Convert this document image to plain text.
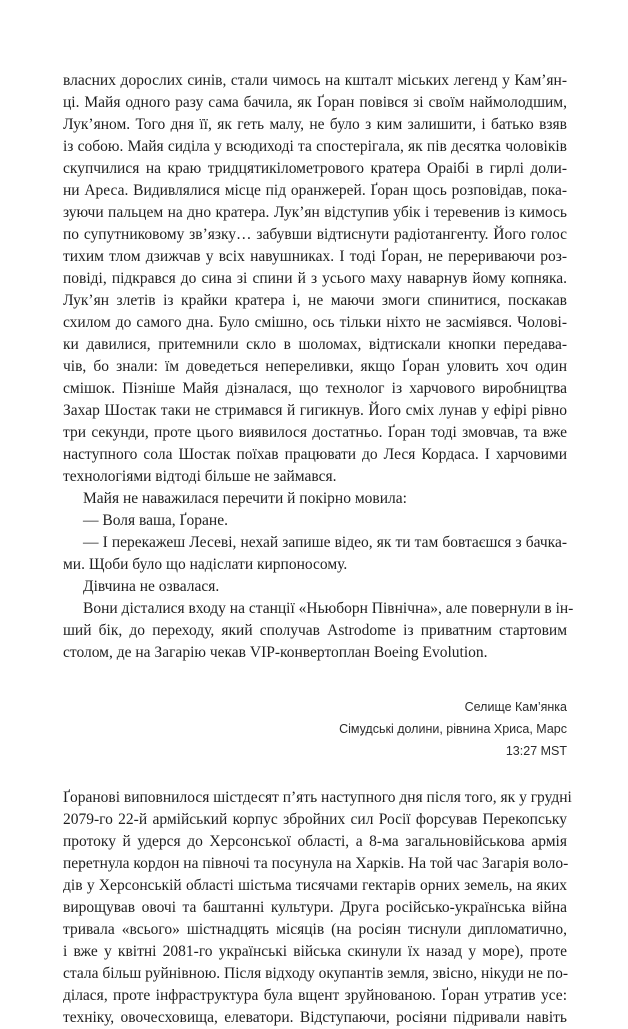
власних дорослих синів, стали чимось на кшталт міських легенд у Кам’ян-
ці. Майя одного разу сама бачила, як Ґоран повівся зі своїм наймолодшим,
Лук’яном. Того дня її, як геть малу, не було з ким залишити, і батько взяв
із собою. Майя сиділа у всюдиході та спостерігала, як пів десятка чоловіків
скупчилися на краю тридцятикілометрового кратера Ораібі в гирлі доли-
ни Ареса. Видивлялися місце під оранжерей. Ґоран щось розповідав, пока-
зуючи пальцем на дно кратера. Лук’ян відступив убік і теревенив із кимось
по супутниковому зв’язку… забувши відтиснути радіотангенту. Його голос
тихим тлом дзижчав у всіх навушниках. І тоді Ґоран, не перериваючи роз-
повіді, підкрався до сина зі спини й з усього маху наварнув йому копняка.
Лук’ян злетів із крайки кратера і, не маючи змоги спинитися, поскакав
схилом до самого дна. Було смішно, ось тільки ніхто не засміявся. Чолові-
ки давилися, притемнили скло в шоломах, відтискали кнопки передава-
чів, бо знали: їм доведеться непереливки, якщо Ґоран уловить хоч один
смішок. Пізніше Майя дізналася, що технолог із харчового виробництва
Захар Шостак таки не стримався й гигикнув. Його сміх лунав у ефірі рівно
три секунди, проте цього виявилося достатньо. Ґоран тоді змовчав, та вже
наступного сола Шостак поїхав працювати до Леся Кордаса. І харчовими
технологіями відтоді більше не займався.
Майя не наважилася перечити й покірно мовила:
— Воля ваша, Ґоране.
— І перекажеш Лесеві, нехай запише відео, як ти там бовтаєшся з бачка-
ми. Щоби було що надіслати кирпоносому.
Дівчина не озвалася.
Вони дісталися входу на станції «Ньюборн Північна», але повернули в ін-
ший бік, до переходу, який сполучав Astrodome із приватним стартовим
столом, де на Загарію чекав VIP-конвертоплан Boeing Evolution.
Селище Кам’янка
Сімудські долини, рівнина Хриса, Марс
13:27 MST
Ґоранові виповнилося шістдесят п’ять наступного дня після того, як у грудні
2079-го 22-й армійський корпус збройних сил Росії форсував Перекопську
протоку й удерся до Херсонської області, а 8-ма загальновійськова армія
перетнула кордон на півночі та посунула на Харків. На той час Загарія воло-
дів у Херсонській області шістьма тисячами гектарів орних земель, на яких
вирощував овочі та баштанні культури. Друга російсько-українська війна
тривала «всього» шістнадцять місяців (на росіян тиснули дипломатично,
і вже у квітні 2081-го українські війська скинули їх назад у море), проте
стала більш руйнівною. Після відходу окупантів земля, звісно, нікуди не по-
ділася, проте інфраструктура була вщент зруйнованою. Ґоран утратив усе:
техніку, овочесховища, елеватори. Відступаючи, росіяни підривали навіть
